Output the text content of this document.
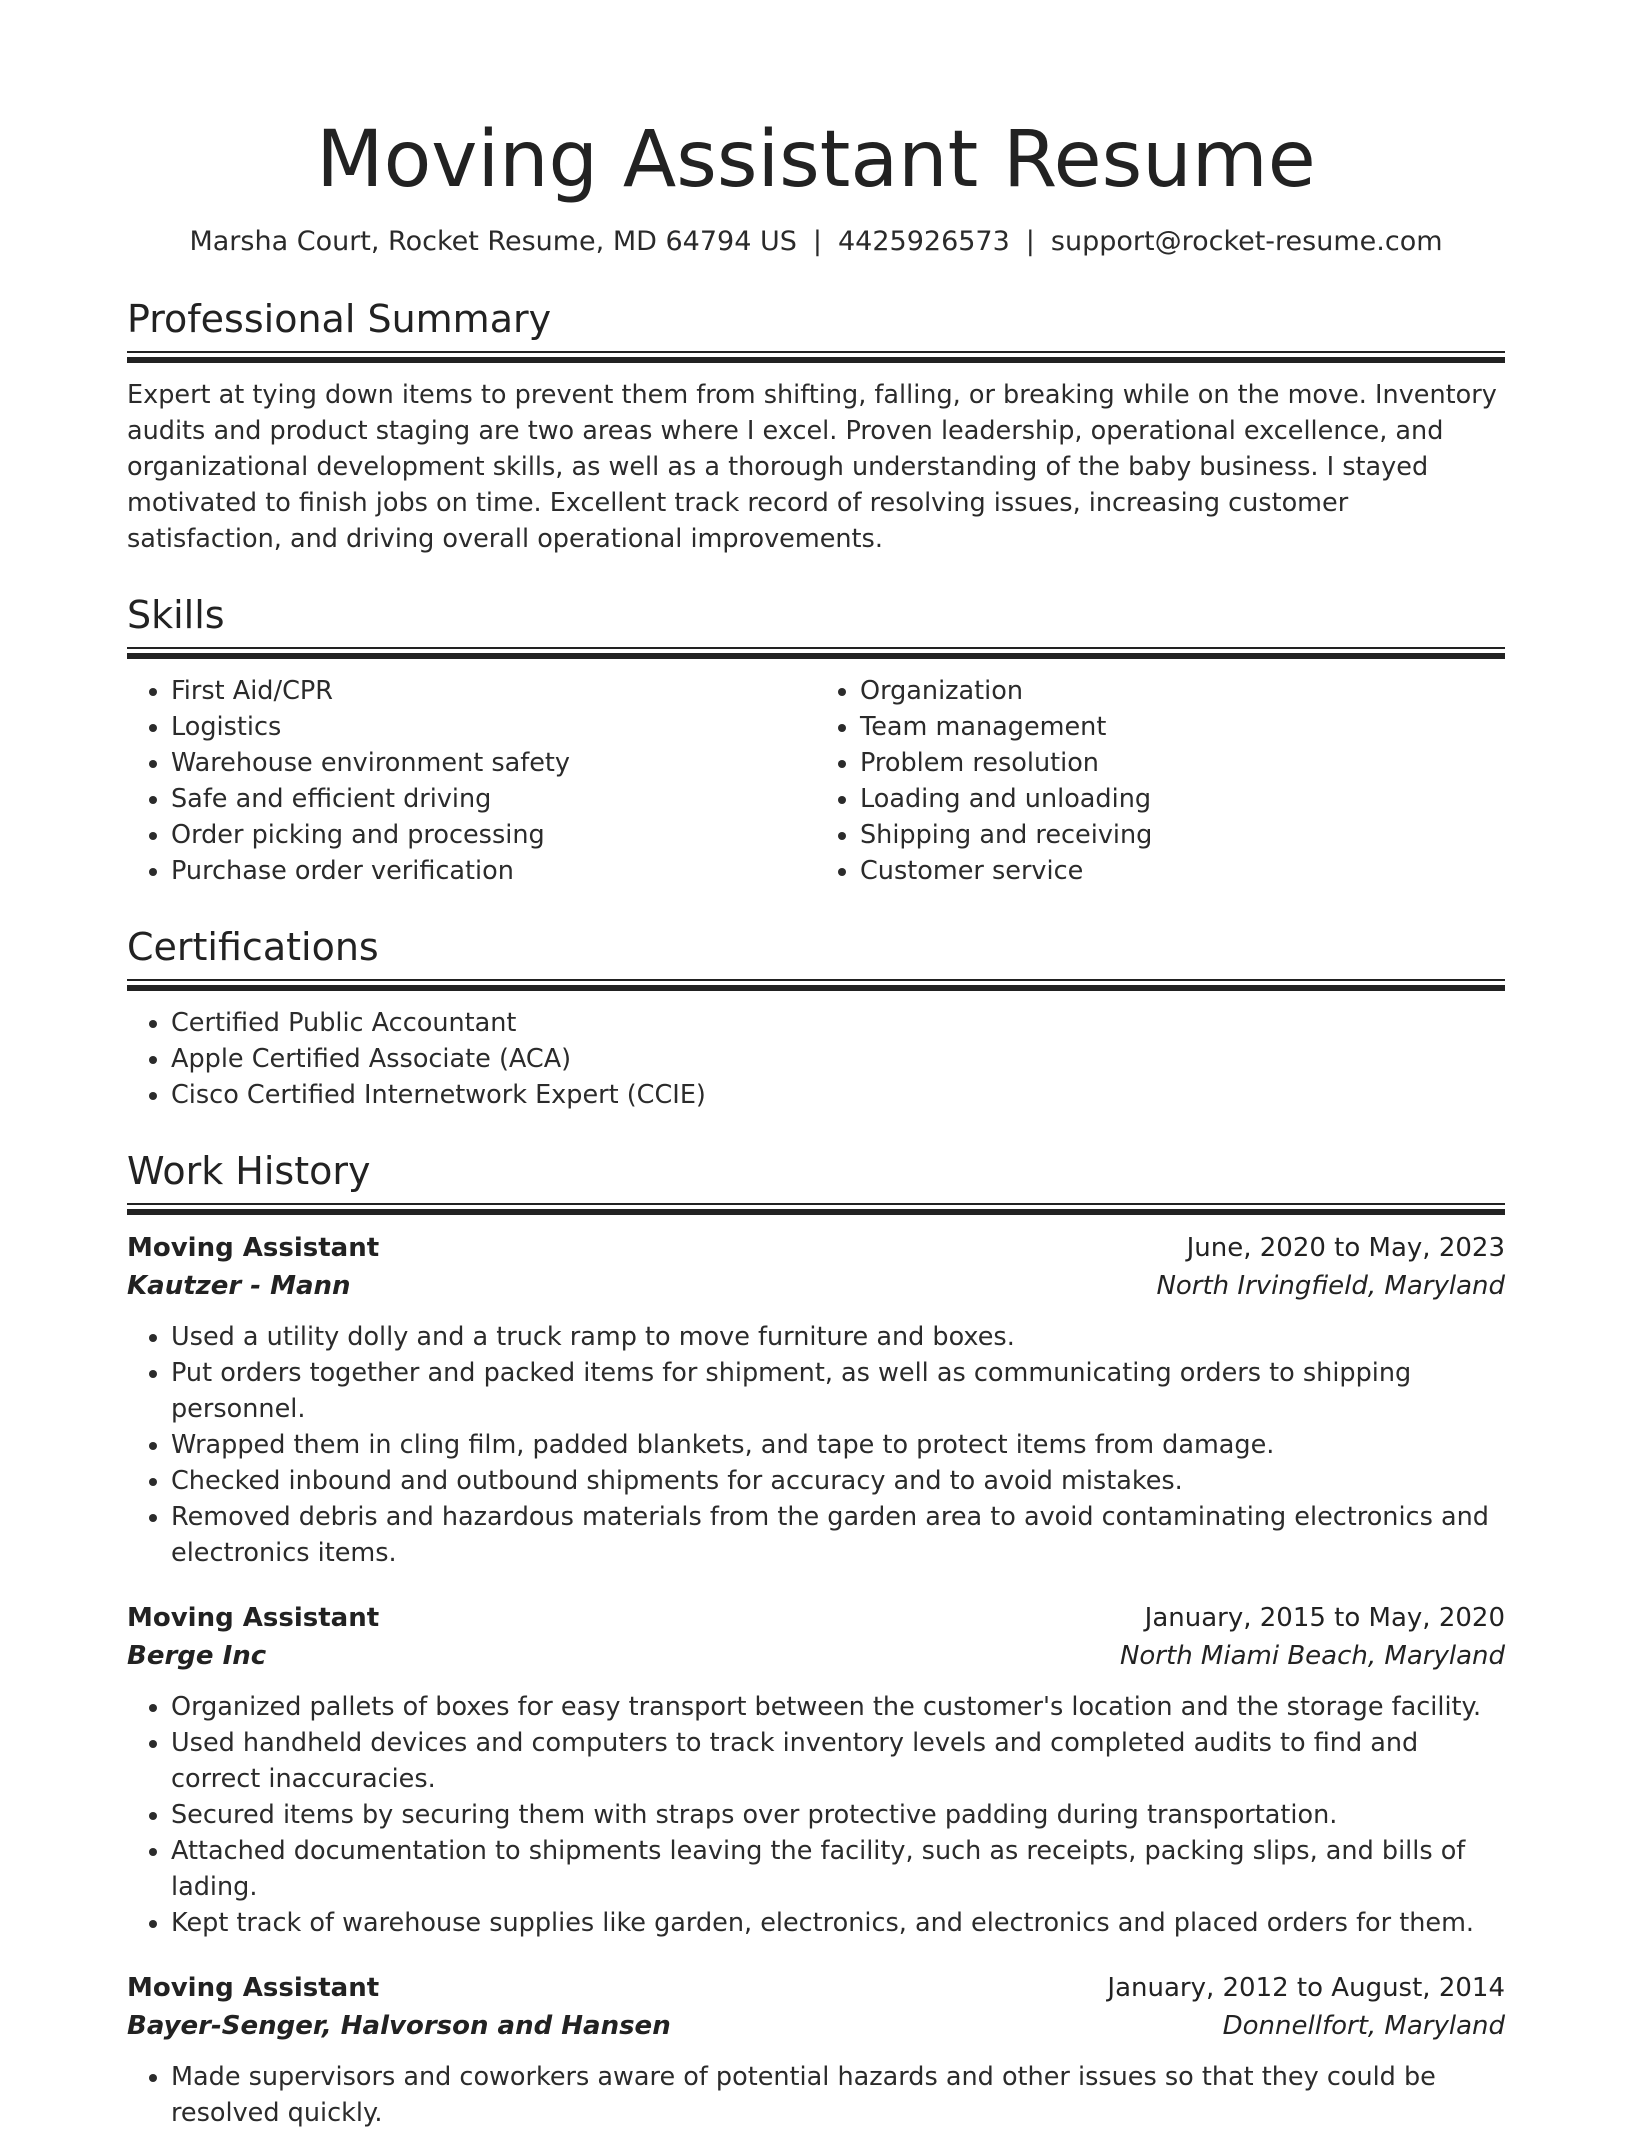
Moving Assistant Resume
Marsha Court, Rocket Resume, MD 64794 US | 4425926573 | support@rocket-resume.com
Professional Summary

Expert at tying down items to prevent them from shifting, falling, or breaking while on the move. Inventory audits and product staging are two areas where I excel. Proven leadership, operational excellence, and organizational development skills, as well as a thorough understanding of the baby business. I stayed motivated to finish jobs on time. Excellent track record of resolving issues, increasing customer satisfaction, and driving overall operational improvements.

Skills
• First Aid/CPR
• Logistics
• Warehouse environment safety
• Safe and efficient driving
• Order picking and processing
• Purchase order verification
• Organization
• Team management
• Problem resolution
• Loading and unloading
• Shipping and receiving
• Customer service
Certifications
• Certified Public Accountant
• Apple Certified Associate (ACA)
• Cisco Certified Internetwork Expert (CCIE)
Work History
Moving Assistant	June, 2020 to May, 2023
Kautzer - Mann	North Irvingfield, Maryland
• Used a utility dolly and a truck ramp to move furniture and boxes.
• Put orders together and packed items for shipment, as well as communicating orders to shipping personnel.
• Wrapped them in cling film, padded blankets, and tape to protect items from damage.
• Checked inbound and outbound shipments for accuracy and to avoid mistakes.
• Removed debris and hazardous materials from the garden area to avoid contaminating electronics and electronics items.
Moving Assistant	January, 2015 to May, 2020
Berge Inc	North Miami Beach, Maryland
• Organized pallets of boxes for easy transport between the customer's location and the storage facility.
• Used handheld devices and computers to track inventory levels and completed audits to find and correct inaccuracies.
• Secured items by securing them with straps over protective padding during transportation.
• Attached documentation to shipments leaving the facility, such as receipts, packing slips, and bills of lading.
• Kept track of warehouse supplies like garden, electronics, and electronics and placed orders for them.
Moving Assistant	January, 2012 to August, 2014
Bayer-Senger, Halvorson and Hansen	Donnellfort, Maryland
• Made supervisors and coworkers aware of potential hazards and other issues so that they could be resolved quickly.
